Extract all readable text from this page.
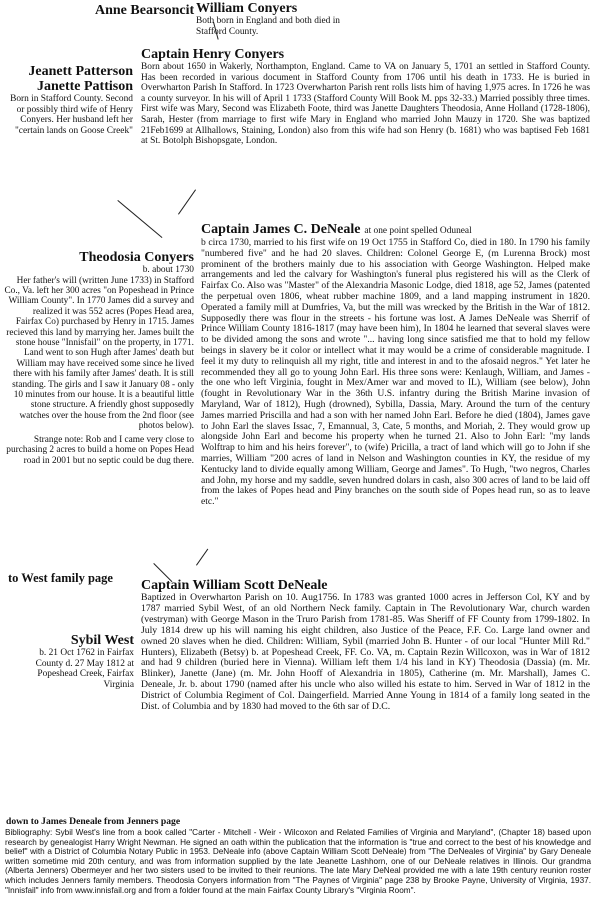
Anne Bearsoncit William Conyers

Both born in England and both died in Stafford County.

Captain Henry Conyers

Born about 1650 in Wakerly, Northampton, England. Came to VA on January 5, 1701 an settled in Stafford County. Has been recorded in various document in Stafford County from 1706 until his death in 1733. He is buried in Overwharton Parish In Stafford. In 1723 Overwharton Parish rent rolls lists him of having 1,975 acres. In 1726 he was a county surveyor. In his will of April 1 1733 (Stafford County Will Book M. pps 32-33.) Married possibly three times. First wife was Mary, Second was Elizabeth Foote, third was Janette Daughters Theodosia, Anne Holland (1728-1806), Sarah, Hester (from marriage to first wife Mary in England who married John Mauzy in 1720. She was baptized 21Feb1699 at Allhallows, Staining, London) also from this wife had son Henry (b. 1681) who was baptised Feb 1681 at St. Botolph Bishopsgate, London.

Jeanett Patterson Janette Pattison

Born in Stafford County. Second or possibly third wife of Henry Conyers. Her husband left her "certain lands on Goose Creek"

Captain James C. DeNeale at one point spelled Oduneal

b circa 1730, married to his first wife on 19 Oct 1755 in Stafford Co, died in 180. In 1790 his family "numbered five" and he had 20 slaves. Children: Colonel George E, (m Lurenna Brock) most prominent of the brothers mainly due to his association with George Washington. Helped make arrangements and led the calvary for Washington's funeral plus registered his will as the Clerk of Fairfax Co. Also was "Master" of the Alexandria Masonic Lodge, died 1818, age 52, James (patented the perpetual oven 1806, wheat rubber machine 1809, and a land mapping instrument in 1820. Operated a family mill at Dumfries, Va, but the mill was wrecked by the British in the War of 1812. Supposedly there was flour in the streets - his fortune was lost. A James DeNeale was Sherrif of Prince William County 1816-1817 (may have been him), In 1804 he learned that several slaves were to be divided among the sons and wrote "... having long since satisfied me that to hold my fellow beings in slavery be it color or intellect what it may would be a crime of considerable magnitude. I feel it my duty to relinquish all my right, title and interest in and to the afosaid negros." Yet later he recommended they all go to young John Earl. His three sons were: Kenlaugh, William, and James - the one who left Virginia, fought in Mex/Amer war and moved to IL), William (see below), John (fought in Revolutionary War in the 36th U.S. infantry during the British Marine invasion of Maryland, War of 1812), Hugh (drowned), Sybilla, Dassia, Mary. Around the turn of the century James married Priscilla and had a son with her named John Earl. Before he died (1804), James gave to John Earl the slaves Issac, 7, Emannual, 3, Cate, 5 months, and Moriah, 2. They would grow up alongside John Earl and become his property when he turned 21. Also to John Earl: "my lands Wolftrap to him and his heirs forever", to (wife) Pricilla, a tract of land which will go to John if she marries, William "200 acres of land in Nelson and Washington counties in KY, the residue of my Kentucky land to divide equally among William, George and James". To Hugh, "two negros, Charles and John, my horse and my saddle, seven hundred dolars in cash, also 300 acres of land to be laid off from the lakes of Popes head and Piny branches on the south side of Popes head run, so as to leave etc."

Theodosia Conyers

b. about 1730

Her father's will (written June 1733) in Stafford Co., Va. left her 300 acres "on Popeshead in Prince William County". In 1770 James did a survey and realized it was 552 acres (Popes Head area, Fairfax Co) purchased by Henry in 1715. James recieved this land by marrying her. James built the stone house "Innisfail" on the property, in 1771. Land went to son Hugh after James' death but William may have received some since he lived there with his family after James' death. It is still standing. The girls and I saw it January 08 - only 10 minutes from our house. It is a beautiful little stone structure. A friendly ghost supposedly watches over the house from the 2nd floor (see photos below).

Strange note: Rob and I came very close to purchasing 2 acres to build a home on Popes Head road in 2001 but no septic could be dug there.

to West family page Captain William Scott DeNeale

Baptized in Overwharton Parish on 10. Aug1756. In 1783 was granted 1000 acres in Jefferson Col, KY and by 1787 married Sybil West, of an old Northern Neck family. Captain in The Revolutionary War, church warden (vestryman) with George Mason in the Truro Parish from 1781-85. Was Sheriff of FF County from 1799-1802. In July 1814 drew up his will naming his eight children, also Justice of the Peace, F.F. Co. Large land owner and owned 20 slaves when he died. Children: William, Sybil (married John B. Hunter - of our local "Hunter Mill Rd." Hunters), Elizabeth (Betsy) b. at Popeshead Creek, FF. Co. VA, m. Captain Rezin Willcoxon, was in War of 1812 and had 9 children (buried here in Vienna). William left them 1/4 his land in KY) Theodosia (Dassia) (m. Mr. Blinker), Janette (Jane) (m. Mr. John Hooff of Alexandria in 1805), Catherine (m. Mr. Marshall), James C. Deneale, Jr. b. about 1790 (named after his uncle who also willed his estate to him. Served in War of 1812 in the District of Columbia Regiment of Col. Daingerfield. Married Anne Young in 1814 of a family long seated in the Dist. of Columbia and by 1830 had moved to the 6th sar of D.C.

Sybil West

b. 21 Oct 1762 in Fairfax County d. 27 May 1812 at Popeshead Creek, Fairfax Virginia

down to James Deneale from Jenners page

Bibliography: Sybil West's line from a book called "Carter - Mitchell - Weir - Wilcoxon and Related Families of Virginia and Maryland", (Chapter 18) based upon research by genealogist Harry Wright Newman. He signed an oath within the publication that the information is "true and correct to the best of his knowledge and belief" with a District of Columbia Notary Public in 1953. DeNeale info (above Captain William Scott DeNeale) from "The DeNeales of Virginia" by Gary Deneale written sometime mid 20th century, and was from information supplied by the late Jeanette Lashhorn, one of our DeNeale relatives in Illinois. Our grandma (Alberta Jenners) Obermeyer and her two sisters used to be invited to their reunions. The late Mary DeNeal provided me with a late 19th century reunion roster which includes Jenners family members. Theodosia Conyers information from "The Paynes of Virginia" page 238 by Brooke Payne, University of Virginia, 1937. "Innisfail" info from www.innisfail.org and from a folder found at the main Fairfax County Library's "Virginia Room".
